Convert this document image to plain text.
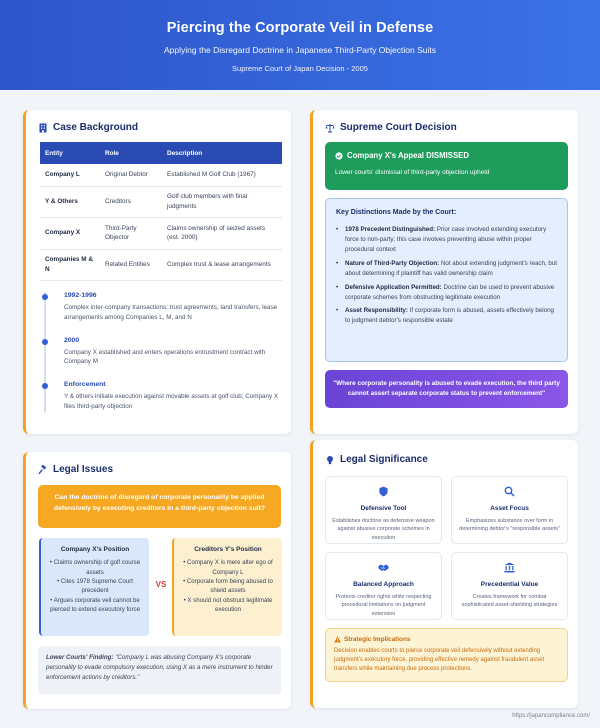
Piercing the Corporate Veil in Defense
Applying the Disregard Doctrine in Japanese Third-Party Objection Suits
Supreme Court of Japan Decision - 2005
Case Background
Entity	Role	Description
Company L	Original Debtor	Established M Golf Club (1967)
Y & Others	Creditors	Golf club members with final judgments
Company X	Third-Party Objector	Claims ownership of seized assets (est. 2000)
Companies M & N	Related Entities	Complex trust & lease arrangements
1992-1996
Complex inter-company transactions: trust agreements, land transfers, lease arrangements among Companies L, M, and N
2000
Company X established and enters operations entrustment contract with Company M
Enforcement
Y & others initiate execution against movable assets at golf club; Company X files third-party objection
Supreme Court Decision
Company X's Appeal DISMISSED
Lower courts' dismissal of third-party objection upheld
Key Distinctions Made by the Court:
• 1978 Precedent Distinguished: Prior case involved extending executory force to non-party; this case involves preventing abuse within proper procedural context
• Nature of Third-Party Objection: Not about extending judgment's reach, but about determining if plaintiff has valid ownership claim
• Defensive Application Permitted: Doctrine can be used to prevent abusive corporate schemes from obstructing legitimate execution
• Asset Responsibility: If corporate form is abused, assets effectively belong to judgment debtor's responsible estate
"Where corporate personality is abused to evade execution, the third party cannot assert separate corporate status to prevent enforcement"
Legal Issues
Can the doctrine of disregard of corporate personality be applied defensively by executing creditors in a third-party objection suit?
Company X's Position
• Claims ownership of golf course assets
• Cites 1978 Supreme Court precedent
• Argues corporate veil cannot be pierced to extend executory force
VS
Creditors Y's Position
• Company X is mere alter ego of Company L
• Corporate form being abused to shield assets
• X should not obstruct legitimate execution
Lower Courts' Finding: "Company L was abusing Company X's corporate personality to evade compulsory execution, using X as a mere instrument to hinder enforcement actions by creditors."
Legal Significance
Defensive Tool
Establishes doctrine as defensive weapon against abusive corporate schemes in execution
Asset Focus
Emphasizes substance over form in determining debtor's "responsible assets"
Balanced Approach
Protects creditor rights while respecting procedural limitations on judgment extension
Precedential Value
Creates framework for combat sophisticated asset-shielding strategies
Strategic Implications
Decision enables courts to pierce corporate veil defensively without extending judgment's executory force, providing effective remedy against fraudulent asset transfers while maintaining due process protections.
https://japancompliance.com/
